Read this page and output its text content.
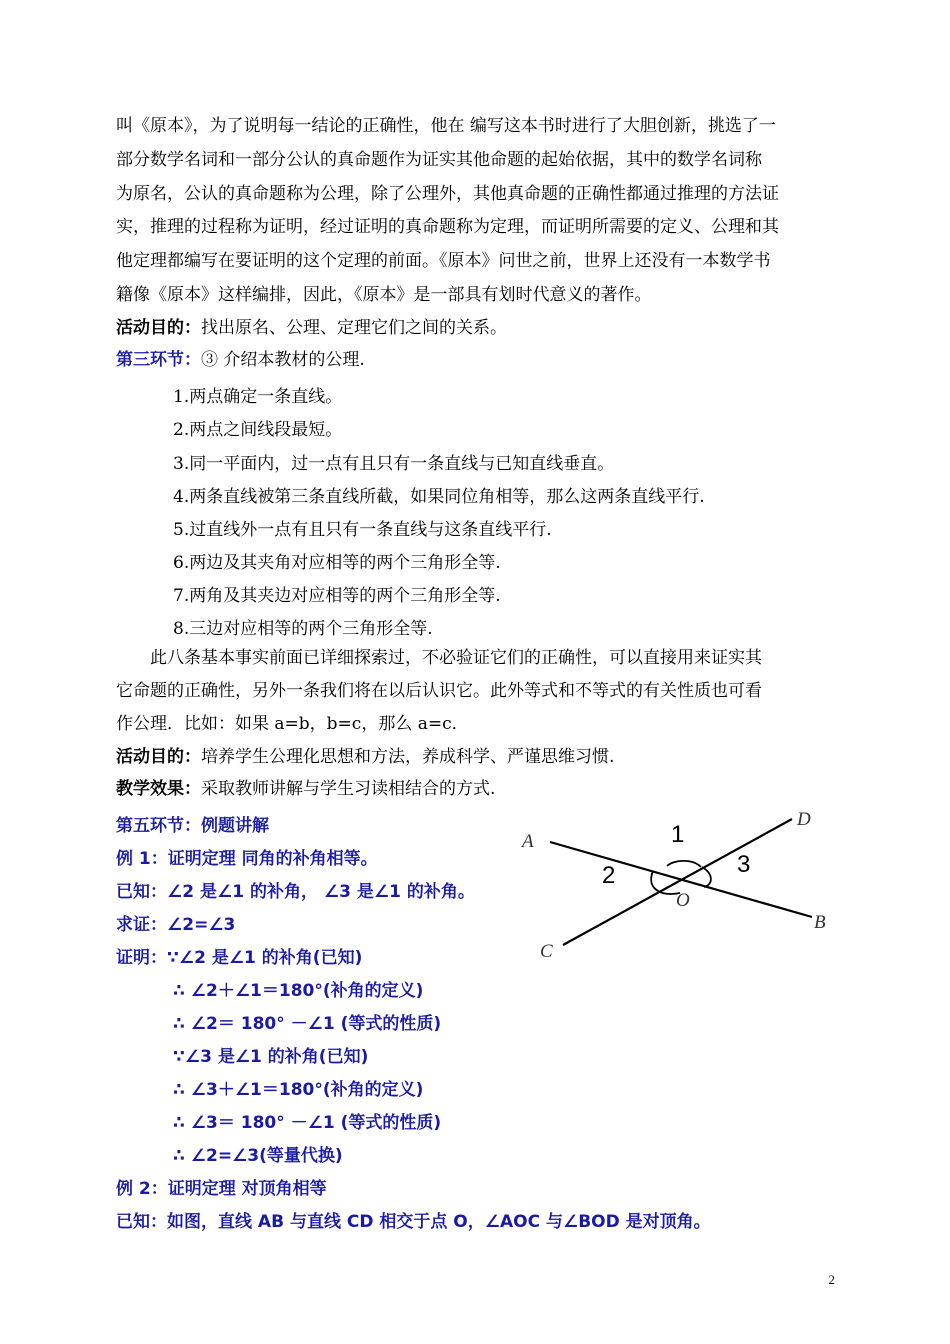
叫《原本》，为了说明每一结论的正确性，他在 编写这本书时进行了大胆创新，挑选了一
部分数学名词和一部分公认的真命题作为证实其他命题的起始依据，其中的数学名词称
为原名，公认的真命题称为公理，除了公理外，其他真命题的正确性都通过推理的方法证
实，推理的过程称为证明，经过证明的真命题称为定理，而证明所需要的定义、公理和其
他定理都编写在要证明的这个定理的前面。《原本》问世之前，世界上还没有一本数学书
籍像《原本》这样编排，因此，《原本》是一部具有划时代意义的著作。
活动目的：找出原名、公理、定理它们之间的关系。
第三环节：③ 介绍本教材的公理.
1.两点确定一条直线。
2.两点之间线段最短。
3.同一平面内，过一点有且只有一条直线与已知直线垂直。
4.两条直线被第三条直线所截，如果同位角相等，那么这两条直线平行.
5.过直线外一点有且只有一条直线与这条直线平行.
6.两边及其夹角对应相等的两个三角形全等.
7.两角及其夹边对应相等的两个三角形全等.
8.三边对应相等的两个三角形全等.
此八条基本事实前面已详细探索过，不必验证它们的正确性，可以直接用来证实其
它命题的正确性，另外一条我们将在以后认识它。此外等式和不等式的有关性质也可看
作公理．比如：如果 a=b，b=c，那么 a=c．
活动目的：培养学生公理化思想和方法，养成科学、严谨思维习惯.
教学效果：采取教师讲解与学生习读相结合的方式.
第五环节：例题讲解
例 1：证明定理 同角的补角相等。
已知：∠2 是∠1 的补角， ∠3 是∠1 的补角。
求证：∠2=∠3
证明：∵∠2 是∠1 的补角(已知)
∴ ∠2＋∠1＝180°(补角的定义)
∴ ∠2＝ 180° －∠1 (等式的性质)
∵∠3 是∠1 的补角(已知)
∴ ∠3＋∠1＝180°(补角的定义)
∴ ∠3＝ 180° －∠1 (等式的性质)
∴ ∠2=∠3(等量代换)
例 2：证明定理 对顶角相等
已知：如图，直线 AB 与直线 CD 相交于点 O，∠AOC 与∠BOD 是对顶角。
A
D
B
C
O
1
2	3
2
